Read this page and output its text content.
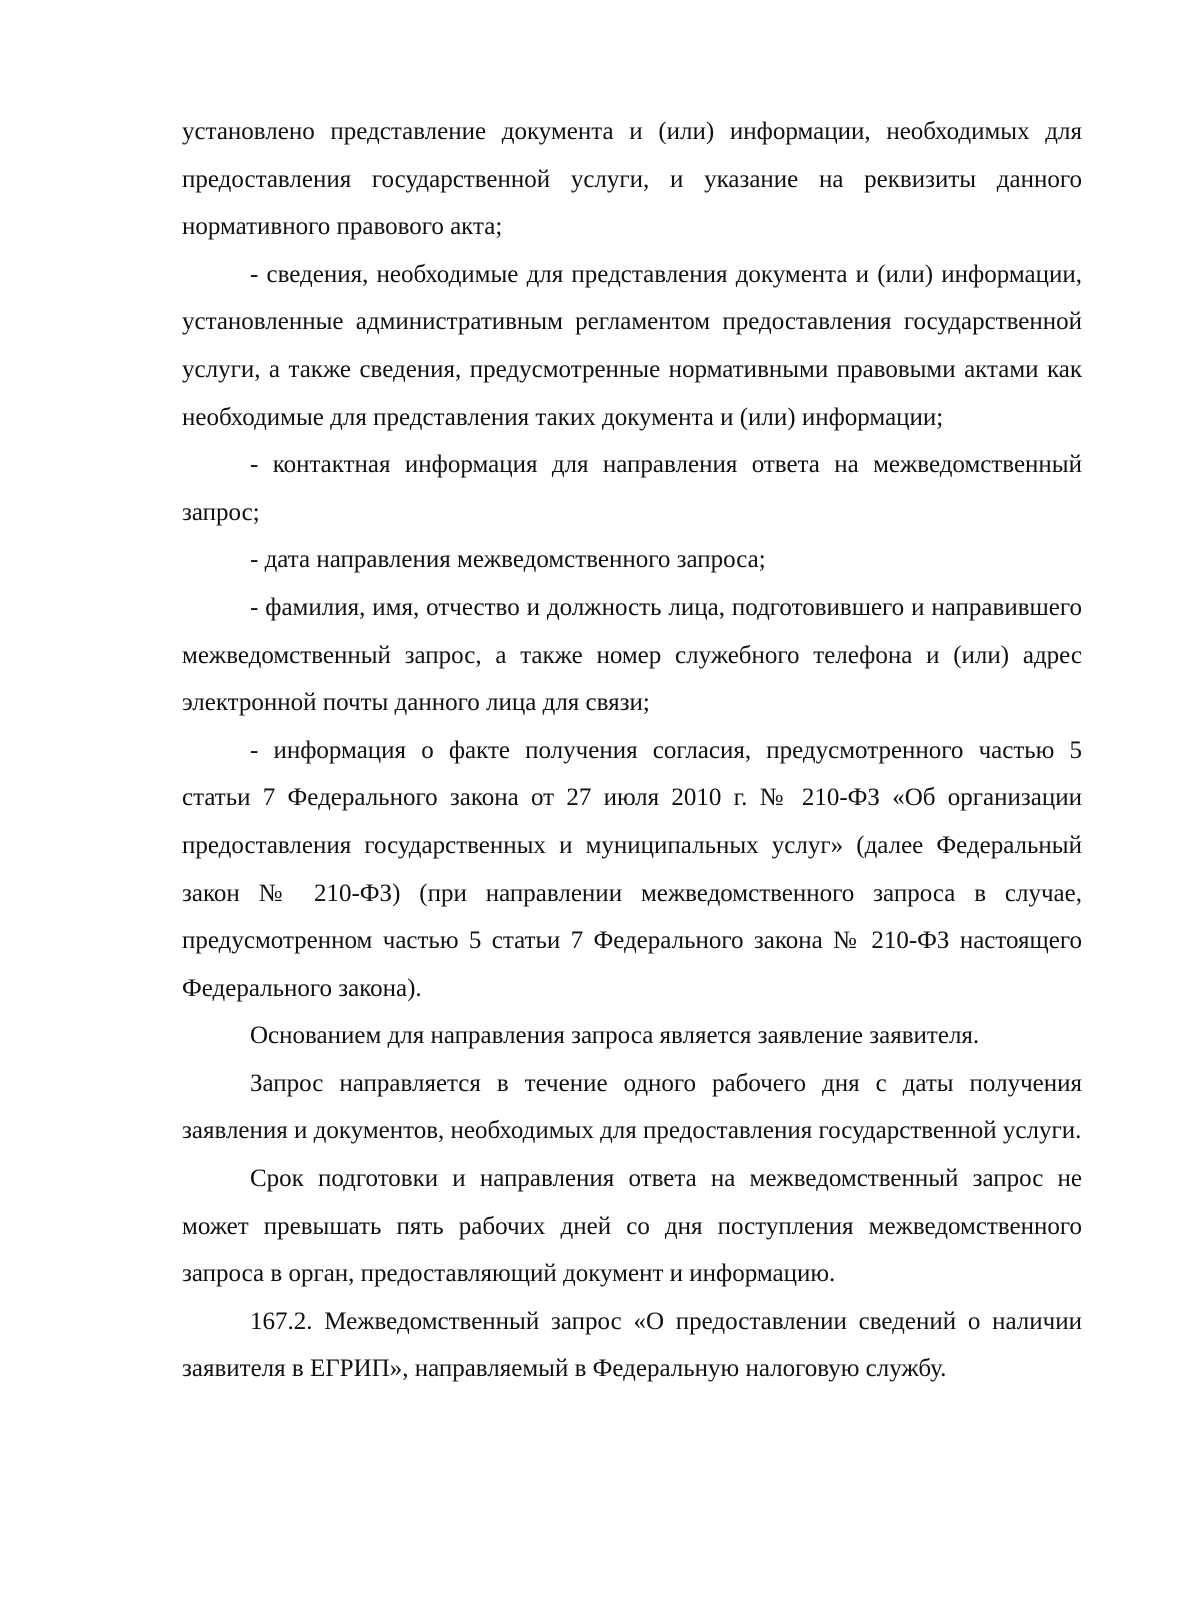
установлено представление документа и (или) информации, необходимых для предоставления государственной услуги, и указание на реквизиты данного нормативного правового акта;

- сведения, необходимые для представления документа и (или) информации, установленные административным регламентом предоставления государственной услуги, а также сведения, предусмотренные нормативными правовыми актами как необходимые для представления таких документа и (или) информации;

- контактная информация для направления ответа на межведомственный запрос;

- дата направления межведомственного запроса;

- фамилия, имя, отчество и должность лица, подготовившего и направившего межведомственный запрос, а также номер служебного телефона и (или) адрес электронной почты данного лица для связи;

- информация о факте получения согласия, предусмотренного частью 5 статьи 7 Федерального закона от 27 июля 2010 г. № 210-ФЗ «Об организации предоставления государственных и муниципальных услуг» (далее Федеральный закон № 210-ФЗ) (при направлении межведомственного запроса в случае, предусмотренном частью 5 статьи 7 Федерального закона № 210-ФЗ настоящего Федерального закона).

Основанием для направления запроса является заявление заявителя.

Запрос направляется в течение одного рабочего дня с даты получения заявления и документов, необходимых для предоставления государственной услуги.

Срок подготовки и направления ответа на межведомственный запрос не может превышать пять рабочих дней со дня поступления межведомственного запроса в орган, предоставляющий документ и информацию.

167.2. Межведомственный запрос «О предоставлении сведений о наличии заявителя в ЕГРИП», направляемый в Федеральную налоговую службу.
